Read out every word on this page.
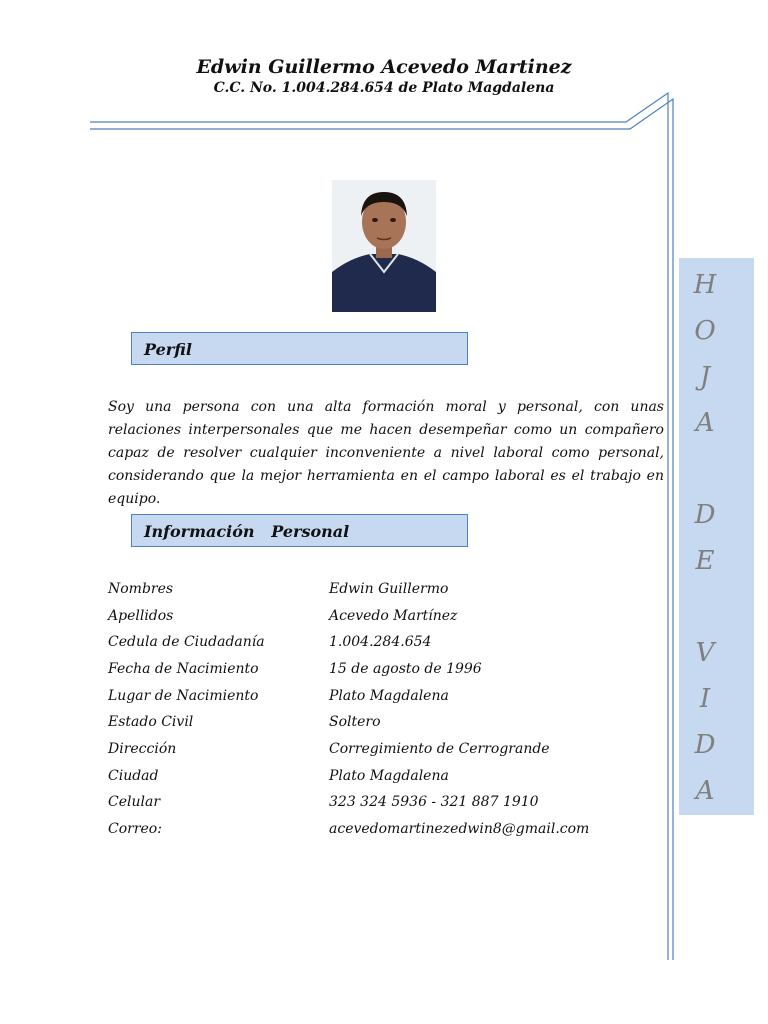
Edwin Guillermo Acevedo Martinez
C.C. No. 1.004.284.654 de Plato Magdalena
Perfil
Soy una persona con una alta formación moral y personal, con unas relaciones interpersonales que me hacen desempeñar como un compañero capaz de resolver cualquier inconveniente a nivel laboral como personal, considerando que la mejor herramienta en el campo laboral es el trabajo en equipo.
Información   Personal
Nombres	Edwin Guillermo
Apellidos	Acevedo Martínez
Cedula de Ciudadanía	1.004.284.654
Fecha de Nacimiento	15 de agosto de 1996
Lugar de Nacimiento	Plato Magdalena
Estado Civil	Soltero
Dirección	Corregimiento de Cerrogrande
Ciudad	Plato Magdalena
Celular	323 324 5936 - 321 887 1910
Correo:	acevedomartinezedwin8@gmail.com
H
O
J
A
D
E
V
I
D
A
